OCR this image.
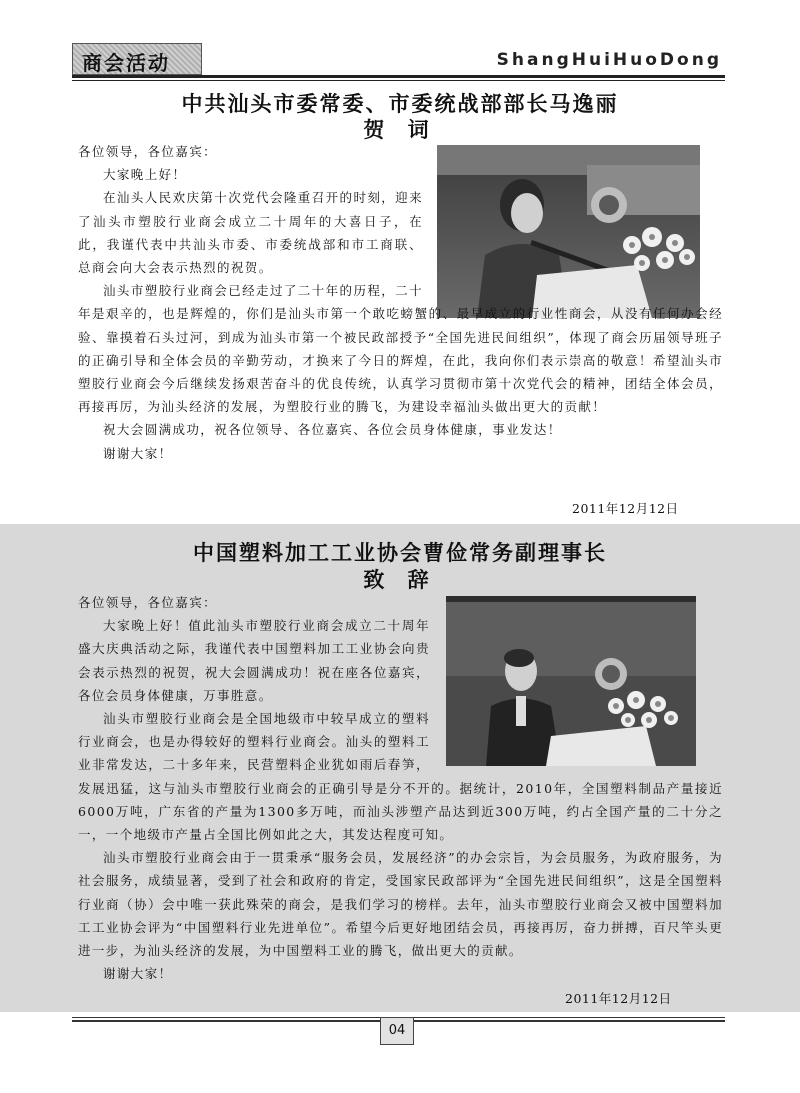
商会活动	ShangHuiHuoDong
中共汕头市委常委、市委统战部部长马逸丽
贺 词

各位领导，各位嘉宾：

大家晚上好！

在汕头人民欢庆第十次党代会隆重召开的时刻，迎来了汕头市塑胶行业商会成立二十周年的大喜日子，在此，我谨代表中共汕头市委、市委统战部和市工商联、总商会向大会表示热烈的祝贺。

汕头市塑胶行业商会已经走过了二十年的历程，二十年是艰辛的，也是辉煌的，你们是汕头市第一个敢吃螃蟹的、最早成立的行业性商会，从没有任何办会经验、靠摸着石头过河，到成为汕头市第一个被民政部授予“全国先进民间组织”，体现了商会历届领导班子的正确引导和全体会员的辛勤劳动，才换来了今日的辉煌，在此，我向你们表示崇高的敬意！希望汕头市塑胶行业商会今后继续发扬艰苦奋斗的优良传统，认真学习贯彻市第十次党代会的精神，团结全体会员，再接再厉，为汕头经济的发展，为塑胶行业的腾飞，为建设幸福汕头做出更大的贡献！

祝大会圆满成功，祝各位领导、各位嘉宾、各位会员身体健康，事业发达！

谢谢大家！

2011年12月12日
中国塑料加工工业协会曹俭常务副理事长
致 辞

各位领导，各位嘉宾：

大家晚上好！值此汕头市塑胶行业商会成立二十周年盛大庆典活动之际，我谨代表中国塑料加工工业协会向贵会表示热烈的祝贺，祝大会圆满成功！祝在座各位嘉宾，各位会员身体健康，万事胜意。

汕头市塑胶行业商会是全国地级市中较早成立的塑料行业商会，也是办得较好的塑料行业商会。汕头的塑料工业非常发达，二十多年来，民营塑料企业犹如雨后春笋，发展迅猛，这与汕头市塑胶行业商会的正确引导是分不开的。据统计，2010年，全国塑料制品产量接近6000万吨，广东省的产量为1300多万吨，而汕头涉塑产品达到近300万吨，约占全国产量的二十分之一，一个地级市产量占全国比例如此之大，其发达程度可知。

汕头市塑胶行业商会由于一贯秉承“服务会员，发展经济”的办会宗旨，为会员服务，为政府服务，为社会服务，成绩显著，受到了社会和政府的肯定，受国家民政部评为“全国先进民间组织”，这是全国塑料行业商（协）会中唯一获此殊荣的商会，是我们学习的榜样。去年，汕头市塑胶行业商会又被中国塑料加工工业协会评为“中国塑料行业先进单位”。希望今后更好地团结会员，再接再厉，奋力拼搏，百尺竿头更进一步，为汕头经济的发展，为中国塑料工业的腾飞，做出更大的贡献。

谢谢大家！

2011年12月12日
04
